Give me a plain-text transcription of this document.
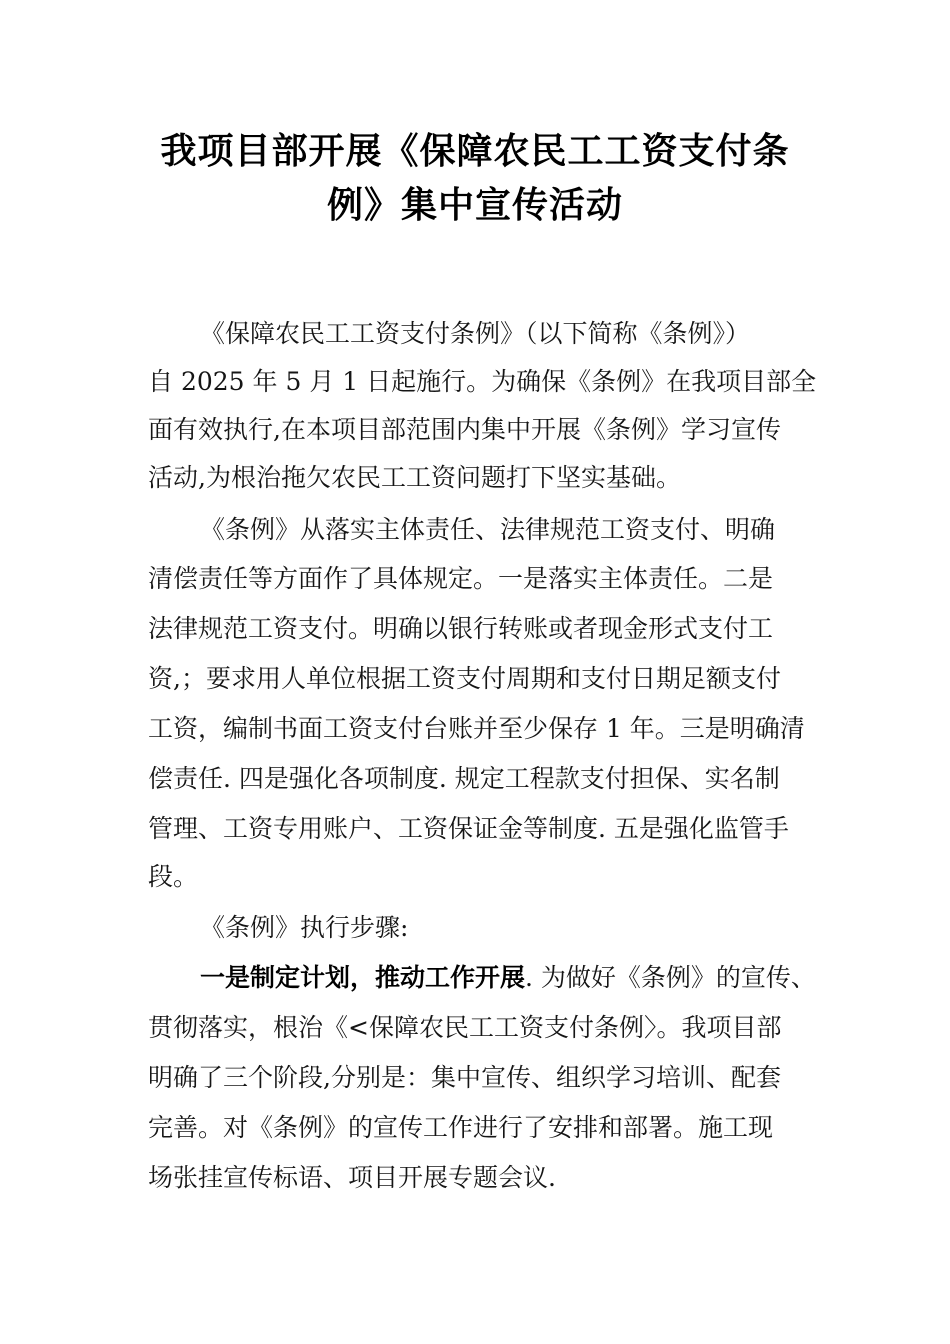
我项目部开展《保障农民工工资支付条
例》集中宣传活动
《保障农民工工资支付条例》（以下简称《条例》）
自 2025 年 5 月 1 日起施行。为确保《条例》在我项目部全
面有效执行,在本项目部范围内集中开展《条例》学习宣传
活动,为根治拖欠农民工工资问题打下坚实基础。
《条例》从落实主体责任、法律规范工资支付、明确
清偿责任等方面作了具体规定。一是落实主体责任。二是
法律规范工资支付。明确以银行转账或者现金形式支付工
资,；要求用人单位根据工资支付周期和支付日期足额支付
工资，编制书面工资支付台账并至少保存 1 年。三是明确清
偿责任. 四是强化各项制度. 规定工程款支付担保、实名制
管理、工资专用账户、工资保证金等制度. 五是强化监管手
段。
《条例》执行步骤:
一是制定计划，推动工作开展. 为做好《条例》的宣传、
贯彻落实，根治《<保障农民工工资支付条例〉。我项目部
明确了三个阶段,分别是：集中宣传、组织学习培训、配套
完善。对《条例》的宣传工作进行了安排和部署。施工现
场张挂宣传标语、项目开展专题会议.
